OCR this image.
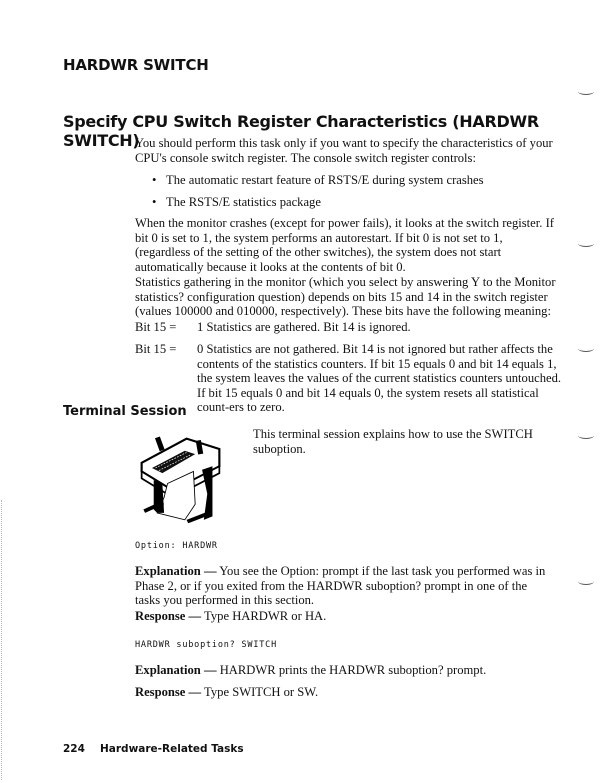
HARDWR SWITCH
Specify CPU Switch Register Characteristics (HARDWR SWITCH)

You should perform this task only if you want to specify the characteristics of your CPU's console switch register. The console switch register controls:

• The automatic restart feature of RSTS/E during system crashes
• The RSTS/E statistics package

When the monitor crashes (except for power fails), it looks at the switch register. If bit 0 is set to 1, the system performs an autorestart. If bit 0 is not set to 1, (regardless of the setting of the other switches), the system does not start automatically because it looks at the contents of bit 0.

Statistics gathering in the monitor (which you select by answering Y to the Monitor statistics? configuration question) depends on bits 15 and 14 in the switch register (values 100000 and 010000, respectively). These bits have the following meaning:

Bit 15 =	1 Statistics are gathered. Bit 14 is ignored.
Bit 15 =	0 Statistics are not gathered. Bit 14 is not ignored but rather affects the contents of the statistics counters. If bit 15 equals 0 and bit 14 equals 1, the system leaves the values of the current statistics counters untouched. If bit 15 equals 0 and bit 14 equals 0, the system resets all statistical count-ers to zero.
Terminal Session
This terminal session explains how to use the SWITCH suboption.
Option: HARDWR
Explanation — You see the Option: prompt if the last task you performed was in Phase 2, or if you exited from the HARDWR suboption? prompt in one of the tasks you performed in this section.
Response — Type HARDWR or HA.
HARDWR suboption? SWITCH
Explanation — HARDWR prints the HARDWR suboption? prompt.
Response — Type SWITCH or SW.
224 Hardware-Related Tasks
